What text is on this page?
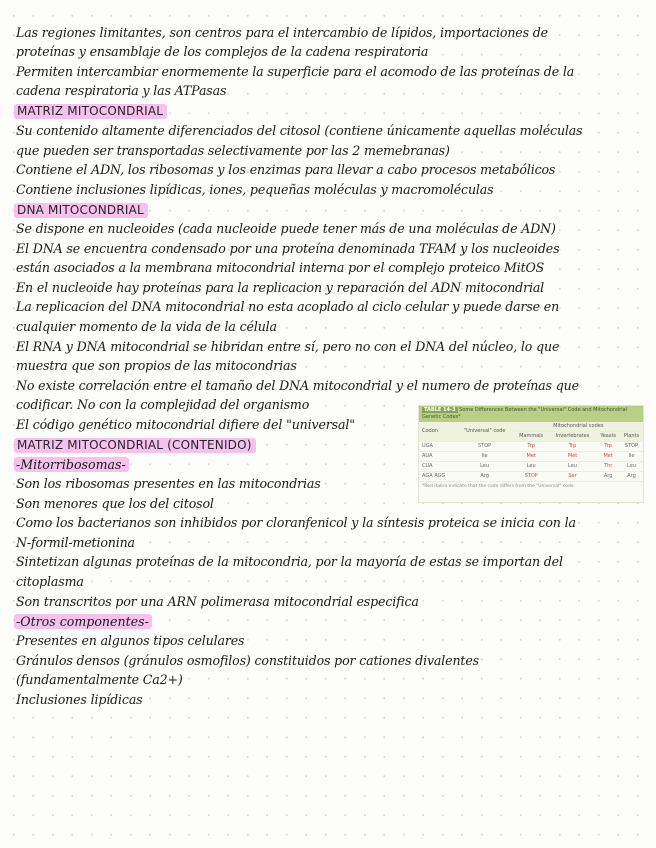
Las regiones limitantes, son centros para el intercambio de lípidos, importaciones de
proteínas y ensamblaje de los complejos de la cadena respiratoria
Permiten intercambiar enormemente la superficie para el acomodo de las proteínas de la
cadena respiratoria y las ATPasas
MATRIZ MITOCONDRIAL
Su contenido altamente diferenciados del citosol (contiene únicamente aquellas moléculas
que pueden ser transportadas selectivamente por las 2 memebranas)
Contiene el ADN, los ribosomas y los enzimas para llevar a cabo procesos metabólicos
Contiene inclusiones lipídicas, iones, pequeñas moléculas y macromoléculas
DNA MITOCONDRIAL
Se dispone en nucleoides (cada nucleoide puede tener más de una moléculas de ADN)
El DNA se encuentra condensado por una proteína denominada TFAM y los nucleoides
están asociados a la membrana mitocondrial interna por el complejo proteico MitOS
En el nucleoide hay proteínas para la replicacion y reparación del ADN mitocondrial
La replicacion del DNA mitocondrial no esta acoplado al ciclo celular y puede darse en
cualquier momento de la vida de la célula
El RNA y DNA mitocondrial se hibridan entre sí, pero no con el DNA del núcleo, lo que
muestra que son propios de las mitocondrias
No existe correlación entre el tamaño del DNA mitocondrial y el numero de proteínas que
codificar. No con la complejidad del organismo
El código genético mitocondrial difiere del "universal"
MATRIZ MITOCONDRIAL (CONTENIDO)
-Mitorribosomas-
Son los ribosomas presentes en las mitocondrias
Son menores que los del citosol
Como los bacterianos son inhibidos por cloranfenicol y la síntesis proteica se inicia con la
N-formil-metionina
Sintetizan algunas proteínas de la mitocondria, por la mayoría de estas se importan del
citoplasma
Son transcritos por una ARN polimerasa mitocondrial especifica
-Otros componentes-
Presentes en algunos tipos celulares
Gránulos densos (gránulos osmofilos) constituidos por cationes divalentes
(fundamentalmente Ca2+)
Inclusiones lipídicas
TABLE 14-3 Some Differences Between the "Universal" Code and Mitochondrial Genetic Codes*
Codon	"Universal" code	Mitochondrial codes			
		Mammals	Invertebrates	Yeasts	Plants
UGA	STOP	Trp	Trp	Trp	STOP
AUA	Ile	Met	Met	Met	Ile
CUA	Leu	Leu	Leu	Thr	Leu
AGA AGG	Arg	STOP	Ser	Arg	Arg
*Red italics indicate that the code differs from the "Universal" code.
